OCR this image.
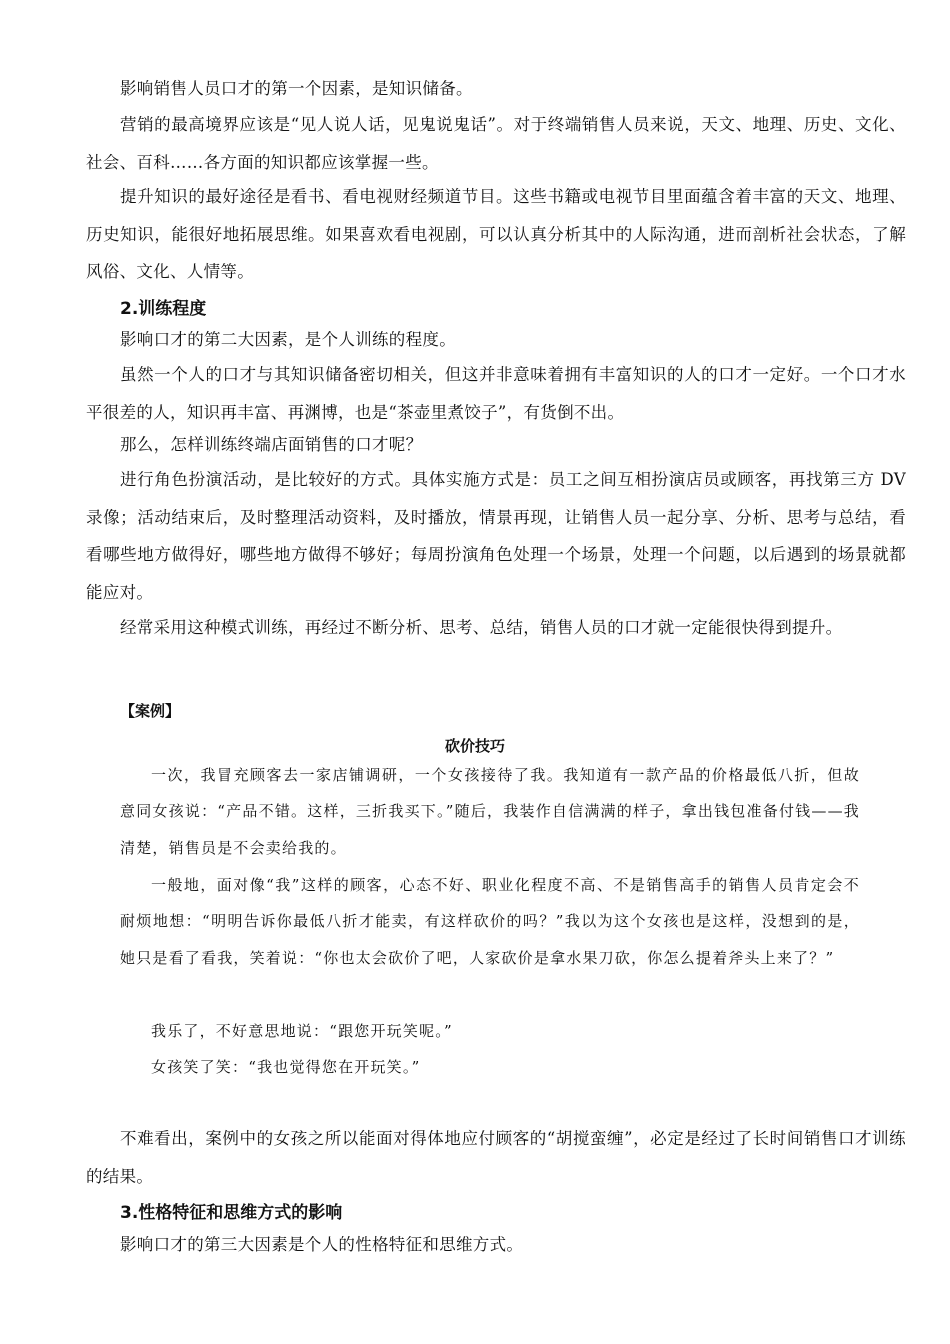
影响销售人员口才的第一个因素，是知识储备。

营销的最高境界应该是“见人说人话，见鬼说鬼话”。对于终端销售人员来说，天文、地理、历史、文化、社会、百科……各方面的知识都应该掌握一些。

提升知识的最好途径是看书、看电视财经频道节目。这些书籍或电视节目里面蕴含着丰富的天文、地理、历史知识，能很好地拓展思维。如果喜欢看电视剧，可以认真分析其中的人际沟通，进而剖析社会状态，了解风俗、文化、人情等。

2.训练程度

影响口才的第二大因素，是个人训练的程度。

虽然一个人的口才与其知识储备密切相关，但这并非意味着拥有丰富知识的人的口才一定好。一个口才水平很差的人，知识再丰富、再渊博，也是“茶壶里煮饺子”，有货倒不出。

那么，怎样训练终端店面销售的口才呢？

进行角色扮演活动，是比较好的方式。具体实施方式是：员工之间互相扮演店员或顾客，再找第三方 DV 录像；活动结束后，及时整理活动资料，及时播放，情景再现，让销售人员一起分享、分析、思考与总结，看看哪些地方做得好，哪些地方做得不够好；每周扮演角色处理一个场景，处理一个问题，以后遇到的场景就都能应对。

经常采用这种模式训练，再经过不断分析、思考、总结，销售人员的口才就一定能很快得到提升。

【案例】
砍价技巧

一次，我冒充顾客去一家店铺调研，一个女孩接待了我。我知道有一款产品的价格最低八折，但故意同女孩说：“产品不错。这样，三折我买下。”随后，我装作自信满满的样子，拿出钱包准备付钱——我清楚，销售员是不会卖给我的。

一般地，面对像“我”这样的顾客，心态不好、职业化程度不高、不是销售高手的销售人员肯定会不耐烦地想：“明明告诉你最低八折才能卖，有这样砍价的吗？”我以为这个女孩也是这样，没想到的是，她只是看了看我，笑着说：“你也太会砍价了吧，人家砍价是拿水果刀砍，你怎么提着斧头上来了？”

我乐了，不好意思地说：“跟您开玩笑呢。”

女孩笑了笑：“我也觉得您在开玩笑。”

不难看出，案例中的女孩之所以能面对得体地应付顾客的“胡搅蛮缠”，必定是经过了长时间销售口才训练的结果。

3.性格特征和思维方式的影响

影响口才的第三大因素是个人的性格特征和思维方式。
